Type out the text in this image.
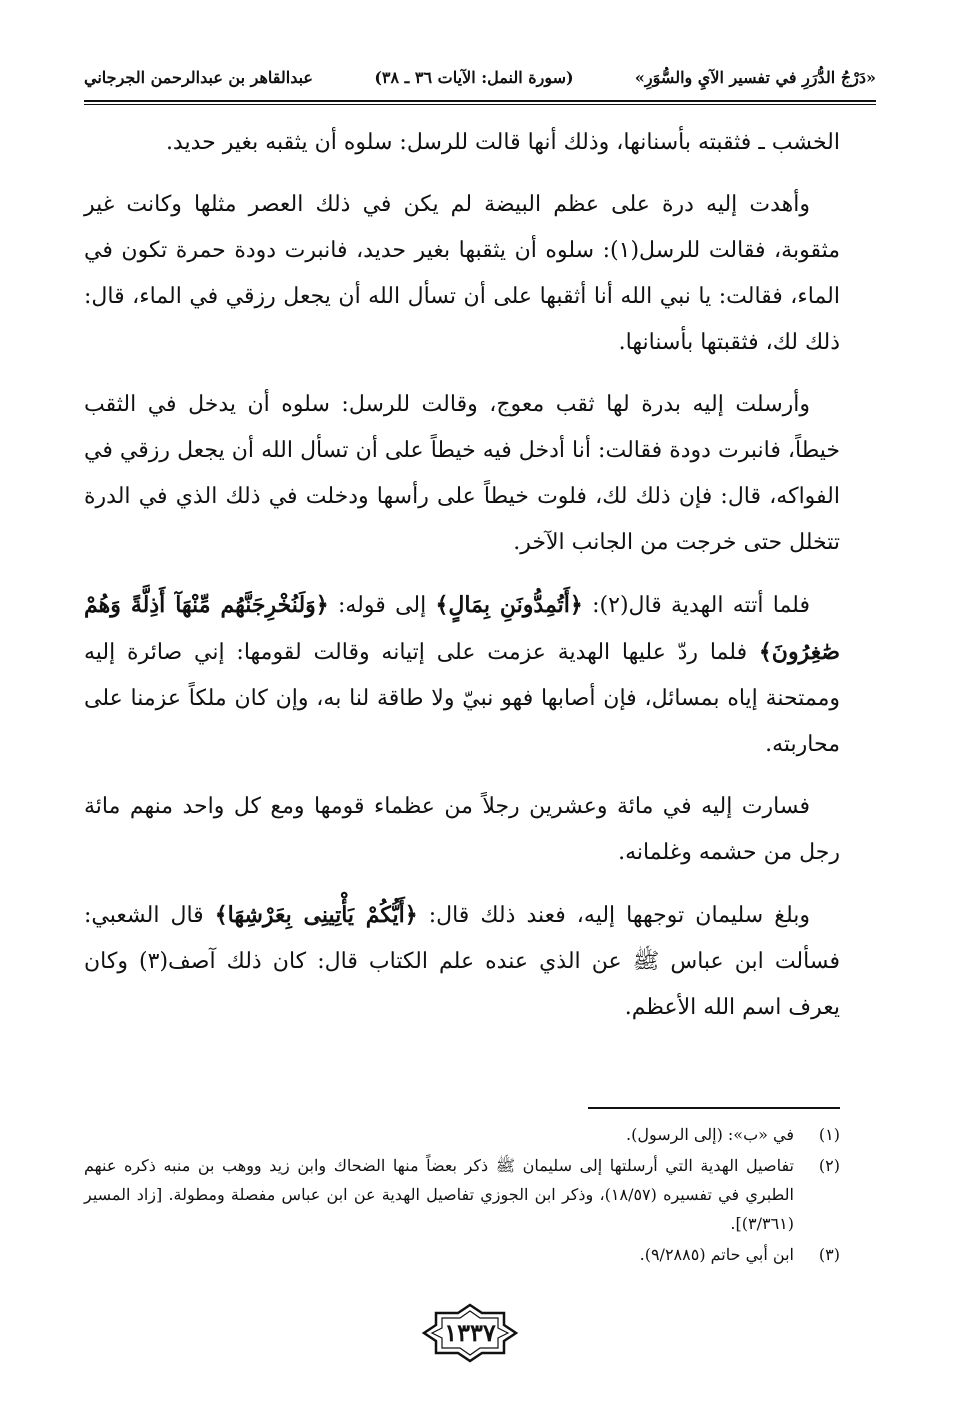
«دَرْجُ الدُّرَرِ في تفسير الآيِ والسُّوَرِ»
(سورة النمل: الآيات ٣٦ ـ ٣٨)
عبدالقاهر بن عبدالرحمن الجرجاني

الخشب ـ فثقبته بأسنانها، وذلك أنها قالت للرسل: سلوه أن يثقبه بغير حديد.

وأهدت إليه درة على عظم البيضة لم يكن في ذلك العصر مثلها وكانت غير مثقوبة، فقالت للرسل(١): سلوه أن يثقبها بغير حديد، فانبرت دودة حمرة تكون في الماء، فقالت: يا نبي الله أنا أثقبها على أن تسأل الله أن يجعل رزقي في الماء، قال: ذلك لك، فثقبتها بأسنانها.

وأرسلت إليه بدرة لها ثقب معوج، وقالت للرسل: سلوه أن يدخل في الثقب خيطاً، فانبرت دودة فقالت: أنا أدخل فيه خيطاً على أن تسأل الله أن يجعل رزقي في الفواكه، قال: فإن ذلك لك، فلوت خيطاً على رأسها ودخلت في ذلك الذي في الدرة تتخلل حتى خرجت من الجانب الآخر.

فلما أتته الهدية قال(٢): ﴿أَتُمِدُّونَنِ بِمَالٍ﴾ إلى قوله: ﴿وَلَنُخْرِجَنَّهُم مِّنْهَآ أَذِلَّةً وَهُمْ صَٰغِرُونَ﴾ فلما ردّ عليها الهدية عزمت على إتيانه وقالت لقومها: إني صائرة إليه وممتحنة إياه بمسائل، فإن أصابها فهو نبيّ ولا طاقة لنا به، وإن كان ملكاً عزمنا على محاربته.

فسارت إليه في مائة وعشرين رجلاً من عظماء قومها ومع كل واحد منهم مائة رجل من حشمه وغلمانه.

وبلغ سليمان توجهها إليه، فعند ذلك قال: ﴿أَيُّكُمْ يَأْتِينِى بِعَرْشِهَا﴾ قال الشعبي: فسألت ابن عباس ﷺ عن الذي عنده علم الكتاب قال: كان ذلك آصف(٣) وكان يعرف اسم الله الأعظم.

(١)
في «ب»: (إلى الرسول).
(٢)
تفاصيل الهدية التي أرسلتها إلى سليمان ﷺ ذكر بعضاً منها الضحاك وابن زيد ووهب بن منبه ذكره عنهم الطبري في تفسيره (١٨/٥٧)، وذكر ابن الجوزي تفاصيل الهدية عن ابن عباس مفصلة ومطولة. [زاد المسير (٣/٣٦١)].
(٣)
ابن أبي حاتم (٩/٢٨٨٥).
١٣٣٧
